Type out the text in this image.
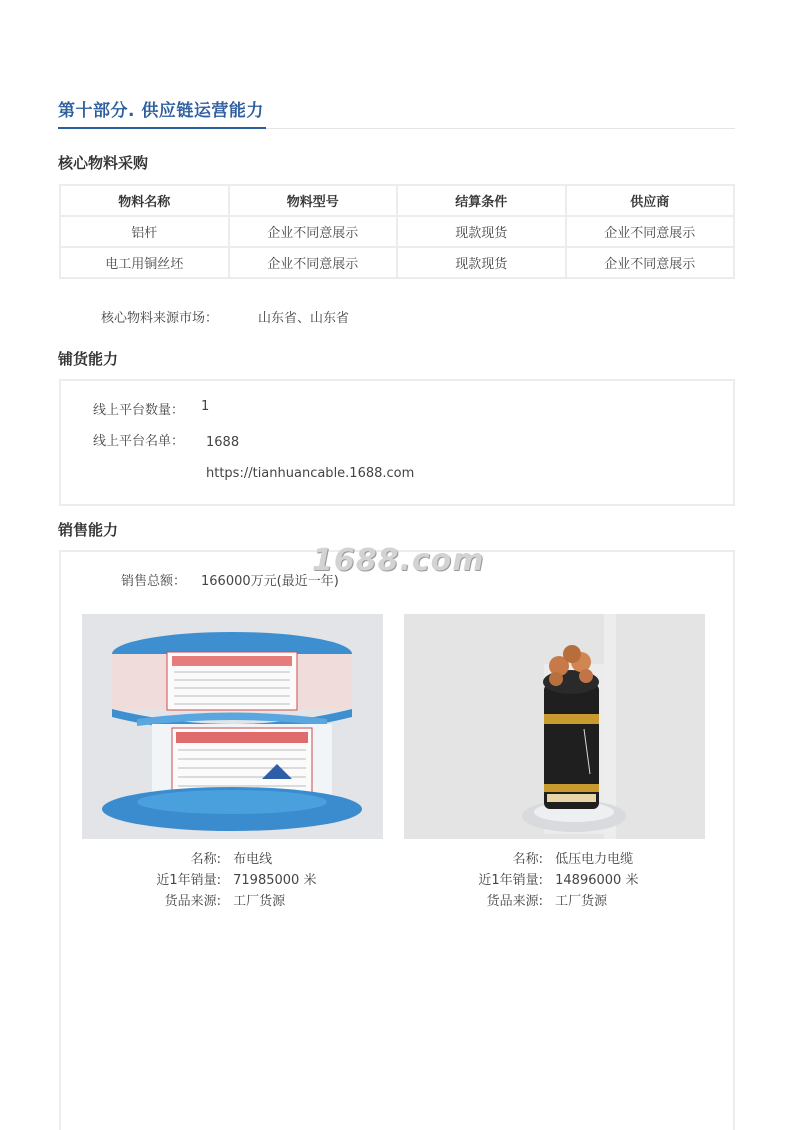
第十部分. 供应链运营能力
核心物料采购
物料名称	物料型号	结算条件	供应商
铝杆	企业不同意展示	现款现货	企业不同意展示
电工用铜丝坯	企业不同意展示	现款现货	企业不同意展示
核心物料来源市场：	山东省、山东省
铺货能力
线上平台数量： 1
线上平台名单： 1688
https://tianhuancable.1688.com
销售能力
销售总额： 166000万元(最近一年)
名称: 布电线
近1年销量: 71985000 米
货品来源: 工厂货源
名称: 低压电力电缆
近1年销量: 14896000 米
货品来源: 工厂货源
1688.com
